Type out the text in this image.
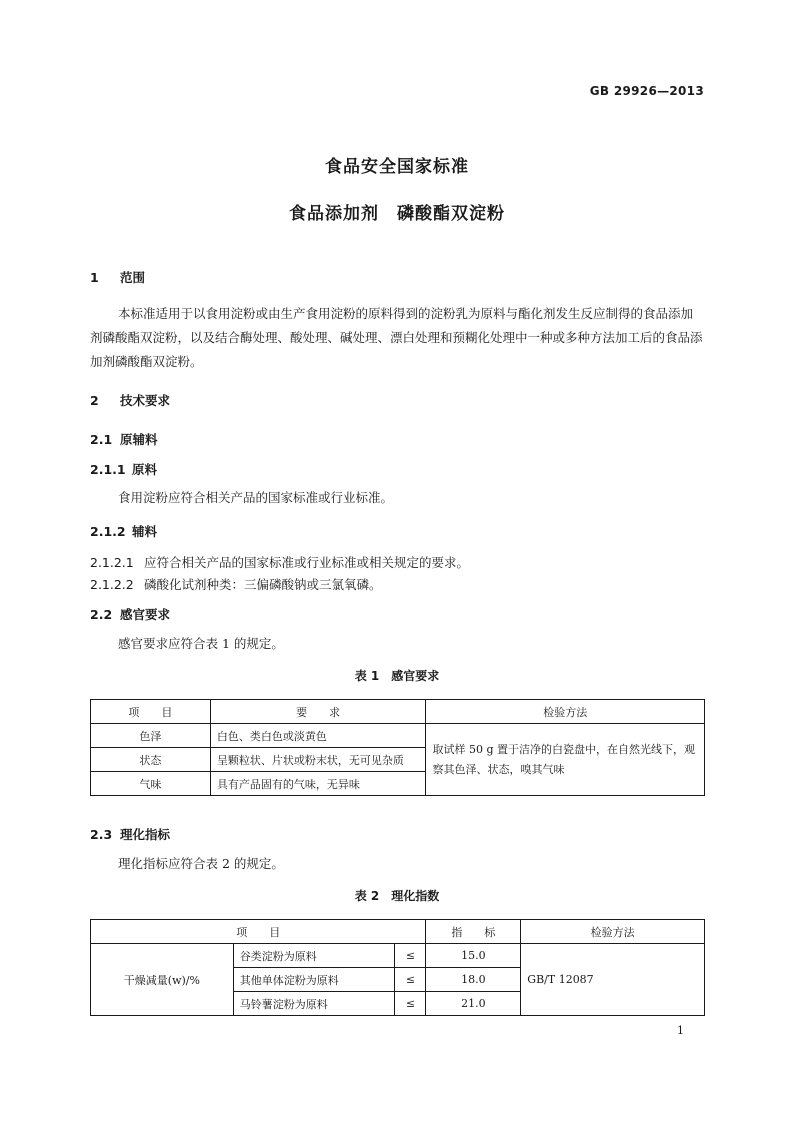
GB 29926—2013
食品安全国家标准
食品添加剂　磷酸酯双淀粉
1 范围
本标准适用于以食用淀粉或由生产食用淀粉的原料得到的淀粉乳为原料与酯化剂发生反应制得的食品添加剂磷酸酯双淀粉，以及结合酶处理、酸处理、碱处理、漂白处理和预糊化处理中一种或多种方法加工后的食品添加剂磷酸酯双淀粉。
2 技术要求
2.1 原辅料
2.1.1 原料
食用淀粉应符合相关产品的国家标准或行业标准。
2.1.2 辅料
2.1.2.1 应符合相关产品的国家标准或行业标准或相关规定的要求。
2.1.2.2 磷酸化试剂种类：三偏磷酸钠或三氯氧磷。
2.2 感官要求
感官要求应符合表 1 的规定。
表 1　感官要求
项　　目	要　　求	检验方法
色泽	白色、类白色或淡黄色	取试样 50 g 置于洁净的白瓷盘中，在自然光线下，观察其色泽、状态，嗅其气味
状态	呈颗粒状、片状或粉末状，无可见杂质	
气味	具有产品固有的气味，无异味	
2.3 理化指标
理化指标应符合表 2 的规定。
表 2　理化指数
项　　目			指　　标	检验方法
干燥减量(w)/%	谷类淀粉为原料	≤	15.0	GB/T 12087
	其他单体淀粉为原料	≤	18.0	
	马铃薯淀粉为原料	≤	21.0	
1
